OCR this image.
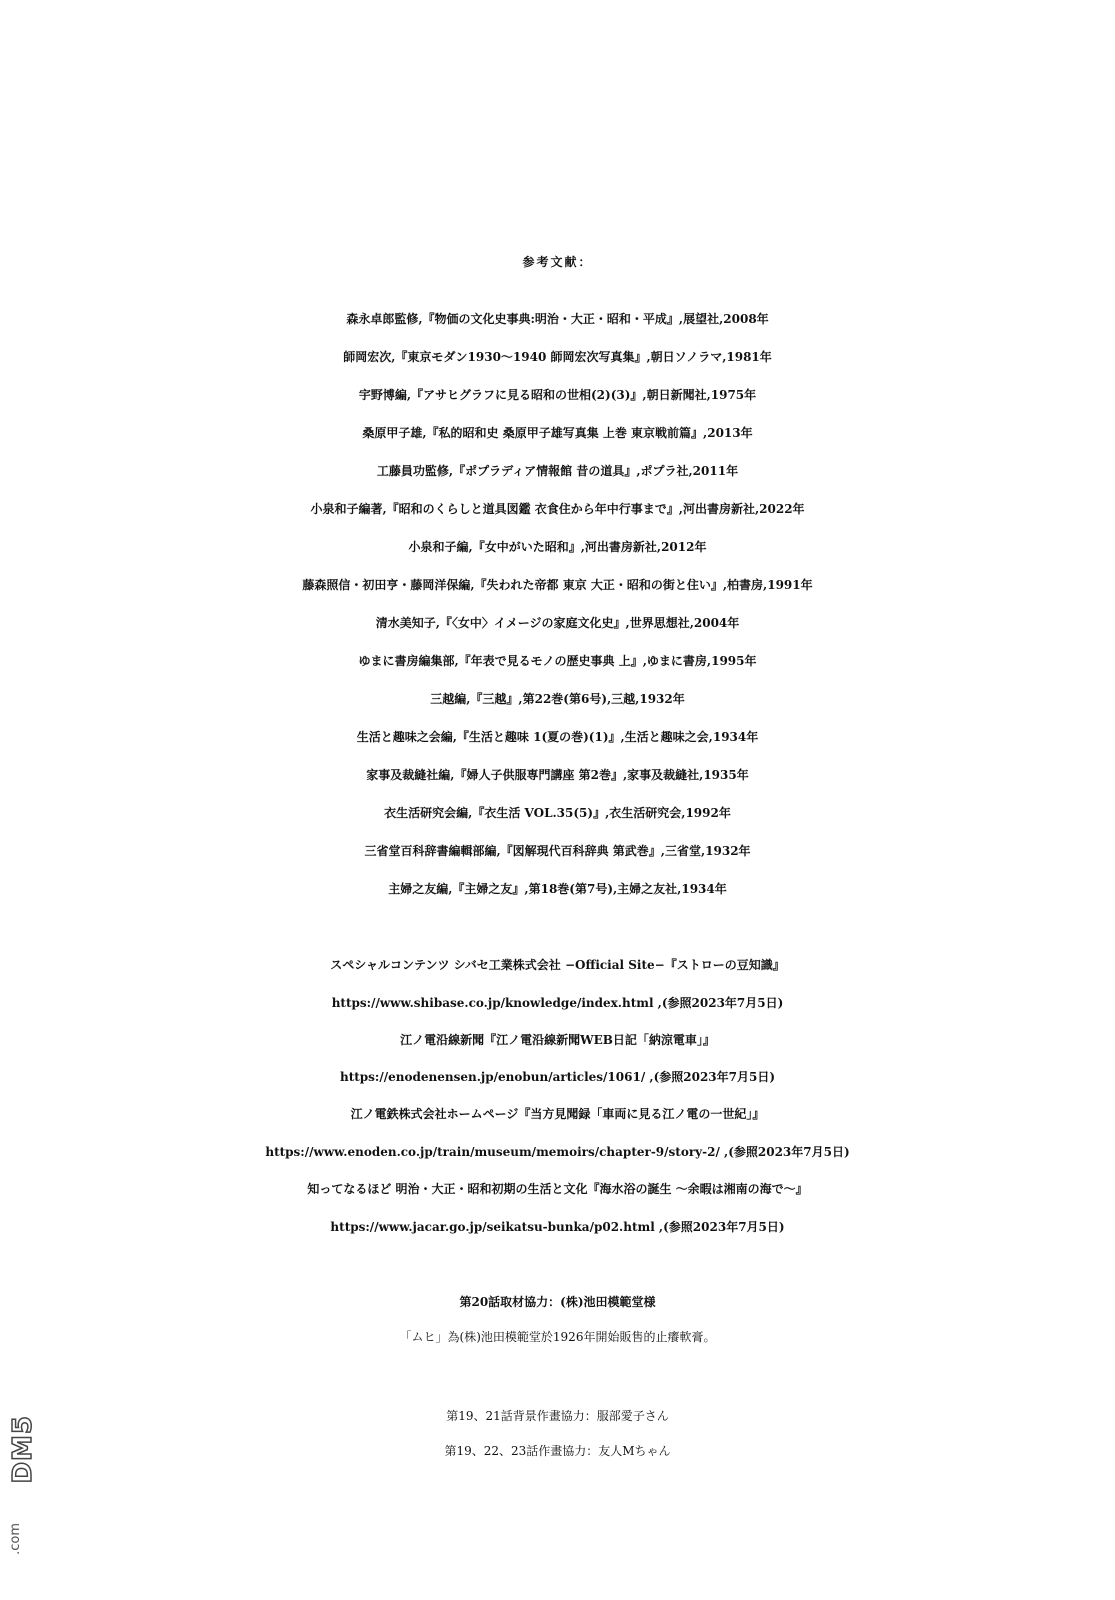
参考文献：
森永卓郎監修,『物価の文化史事典:明治・大正・昭和・平成』,展望社,2008年
師岡宏次,『東京モダン1930～1940 師岡宏次写真集』,朝日ソノラマ,1981年
宇野博編,『アサヒグラフに見る昭和の世相(2)(3)』,朝日新聞社,1975年
桑原甲子雄,『私的昭和史 桑原甲子雄写真集 上巻 東京戦前篇』,2013年
工藤員功監修,『ポプラディア情報館 昔の道具』,ポプラ社,2011年
小泉和子編著,『昭和のくらしと道具図鑑 衣食住から年中行事まで』,河出書房新社,2022年
小泉和子編,『女中がいた昭和』,河出書房新社,2012年
藤森照信・初田亨・藤岡洋保編,『失われた帝都 東京 大正・昭和の街と住い』,柏書房,1991年
清水美知子,『〈女中〉イメージの家庭文化史』,世界思想社,2004年
ゆまに書房編集部,『年表で見るモノの歴史事典 上』,ゆまに書房,1995年
三越編,『三越』,第22巻(第6号),三越,1932年
生活と趣味之会編,『生活と趣味 1(夏の巻)(1)』,生活と趣味之会,1934年
家事及裁縫社編,『婦人子供服専門講座 第2巻』,家事及裁縫社,1935年
衣生活研究会編,『衣生活 VOL.35(5)』,衣生活研究会,1992年
三省堂百科辞書編輯部編,『図解現代百科辞典 第武巻』,三省堂,1932年
主婦之友編,『主婦之友』,第18巻(第7号),主婦之友社,1934年
スペシャルコンテンツ シバセ工業株式会社 −Official Site−『ストローの豆知識』
https://www.shibase.co.jp/knowledge/index.html ,(参照2023年7月5日)
江ノ電沿線新聞『江ノ電沿線新聞WEB日記「納涼電車」』
https://enodenensen.jp/enobun/articles/1061/ ,(参照2023年7月5日)
江ノ電鉄株式会社ホームページ『当方見聞録「車両に見る江ノ電の一世紀」』
https://www.enoden.co.jp/train/museum/memoirs/chapter-9/story-2/ ,(参照2023年7月5日)
知ってなるほど 明治・大正・昭和初期の生活と文化『海水浴の誕生 ～余暇は湘南の海で～』
https://www.jacar.go.jp/seikatsu-bunka/p02.html ,(参照2023年7月5日)
第20話取材協力：(株)池田模範堂様
「ムヒ」為(株)池田模範堂於1926年開始販售的止癢軟膏。
第19、21話背景作畫協力：服部愛子さん
第19、22、23話作畫協力：友人Mちゃん
DM5
.com
